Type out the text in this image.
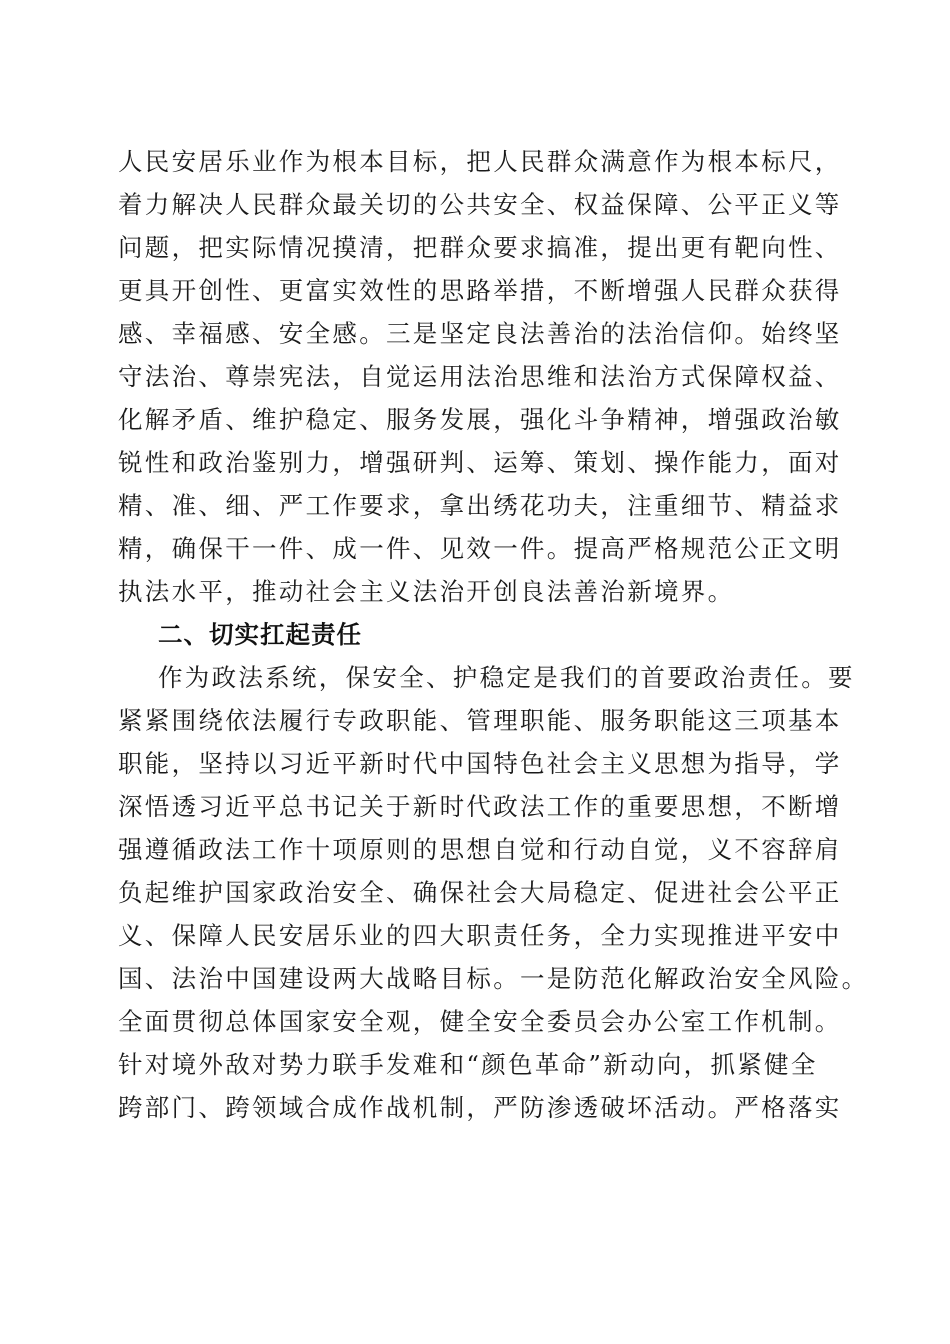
人民安居乐业作为根本目标，把人民群众满意作为根本标尺，
着力解决人民群众最关切的公共安全、权益保障、公平正义等
问题，把实际情况摸清，把群众要求搞准，提出更有靶向性、
更具开创性、更富实效性的思路举措，不断增强人民群众获得
感、幸福感、安全感。三是坚定良法善治的法治信仰。始终坚
守法治、尊崇宪法，自觉运用法治思维和法治方式保障权益、
化解矛盾、维护稳定、服务发展，强化斗争精神，增强政治敏
锐性和政治鉴别力，增强研判、运筹、策划、操作能力，面对
精、准、细、严工作要求，拿出绣花功夫，注重细节、精益求
精，确保干一件、成一件、见效一件。提高严格规范公正文明
执法水平，推动社会主义法治开创良法善治新境界。
二、切实扛起责任
作为政法系统，保安全、护稳定是我们的首要政治责任。要
紧紧围绕依法履行专政职能、管理职能、服务职能这三项基本
职能，坚持以习近平新时代中国特色社会主义思想为指导，学
深悟透习近平总书记关于新时代政法工作的重要思想，不断增
强遵循政法工作十项原则的思想自觉和行动自觉，义不容辞肩
负起维护国家政治安全、确保社会大局稳定、促进社会公平正
义、保障人民安居乐业的四大职责任务，全力实现推进平安中
国、法治中国建设两大战略目标。一是防范化解政治安全风险。
全面贯彻总体国家安全观，健全安全委员会办公室工作机制。
针对境外敌对势力联手发难和“颜色革命”新动向，抓紧健全
跨部门、跨领域合成作战机制，严防渗透破坏活动。严格落实
